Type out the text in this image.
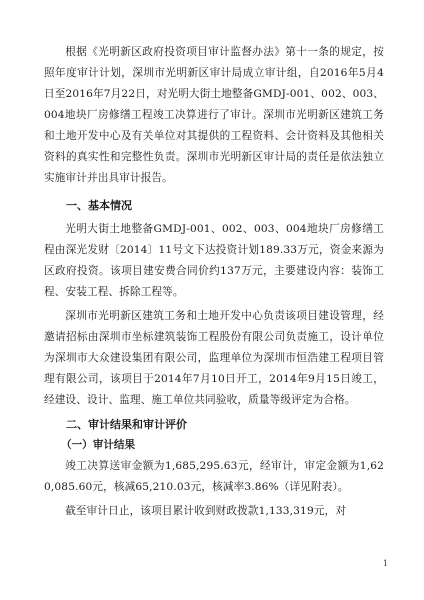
根据《光明新区政府投资项目审计监督办法》第十一条的规定，按照年度审计计划，深圳市光明新区审计局成立审计组，自2016年5月4日至2016年7月22日，对光明大街土地整备GMDJ-001、002、003、004地块厂房修缮工程竣工决算进行了审计。深圳市光明新区建筑工务和土地开发中心及有关单位对其提供的工程资料、会计资料及其他相关资料的真实性和完整性负责。深圳市光明新区审计局的责任是依法独立实施审计并出具审计报告。

一、基本情况

光明大街土地整备GMDJ-001、002、003、004地块厂房修缮工程由深光发财〔2014〕11号文下达投资计划189.33万元，资金来源为区政府投资。该项目建安费合同价约137万元，主要建设内容：装饰工程、安装工程、拆除工程等。

深圳市光明新区建筑工务和土地开发中心负责该项目建设管理，经邀请招标由深圳市坐标建筑装饰工程股份有限公司负责施工，设计单位为深圳市大众建设集团有限公司，监理单位为深圳市恒浩建工程项目管理有限公司，该项目于2014年7月10日开工，2014年9月15日竣工，经建设、设计、监理、施工单位共同验收，质量等级评定为合格。

二、审计结果和审计评价

（一）审计结果

竣工决算送审金额为1,685,295.63元，经审计，审定金额为1,620,085.60元，核减65,210.03元，核减率3.86%（详见附表）。

截至审计日止，该项目累计收到财政拨款1,133,319元，对

1
